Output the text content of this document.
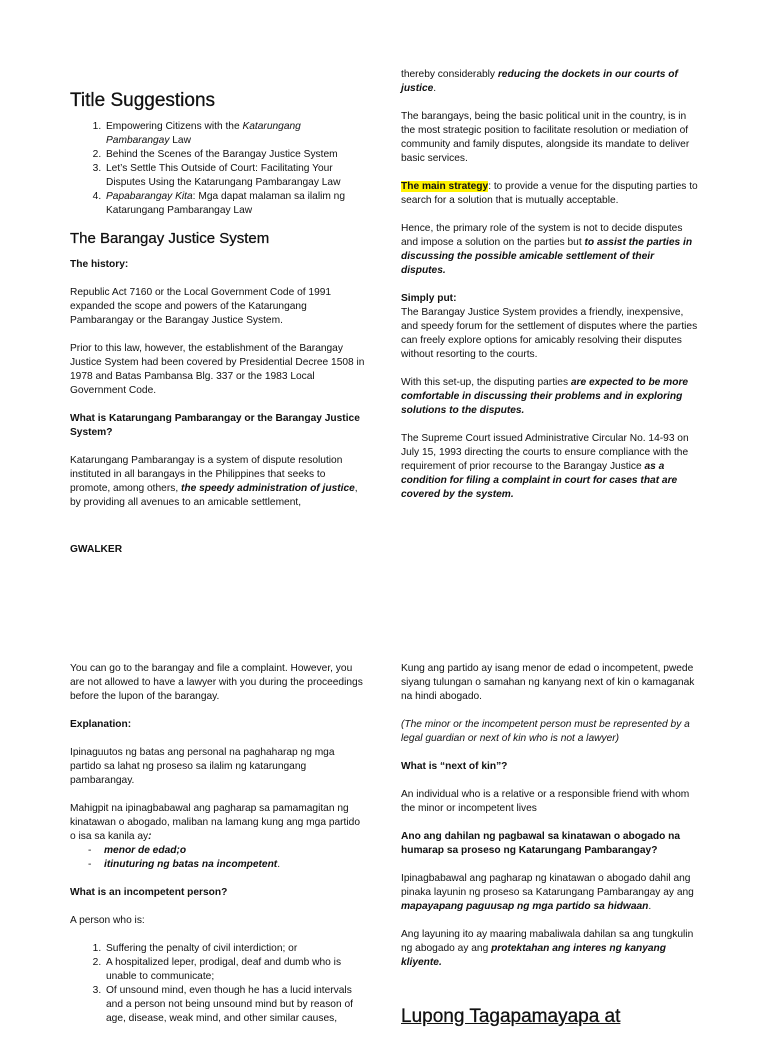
Title Suggestions
1. Empowering Citizens with the Katarungang Pambarangay Law
2. Behind the Scenes of the Barangay Justice System
3. Let’s Settle This Outside of Court: Facilitating Your Disputes Using the Katarungang Pambarangay Law
4. Papabarangay Kita: Mga dapat malaman sa ilalim ng Katarungang Pambarangay Law
The Barangay Justice System

The history:

Republic Act 7160 or the Local Government Code of 1991 expanded the scope and powers of the Katarungang Pambarangay or the Barangay Justice System.

Prior to this law, however, the establishment of the Barangay Justice System had been covered by Presidential Decree 1508 in 1978 and Batas Pambansa Blg. 337 or the 1983 Local Government Code.

What is Katarungang Pambarangay or the Barangay Justice System?

Katarungang Pambarangay is a system of dispute resolution instituted in all barangays in the Philippines that seeks to promote, among others, the speedy administration of justice, by providing all avenues to an amicable settlement,

GWALKER

thereby considerably reducing the dockets in our courts of justice.

The barangays, being the basic political unit in the country, is in the most strategic position to facilitate resolution or mediation of community and family disputes, alongside its mandate to deliver basic services.

The main strategy: to provide a venue for the disputing parties to search for a solution that is mutually acceptable.

Hence, the primary role of the system is not to decide disputes and impose a solution on the parties but to assist the parties in discussing the possible amicable settlement of their disputes.

Simply put:
The Barangay Justice System provides a friendly, inexpensive, and speedy forum for the settlement of disputes where the parties can freely explore options for amicably resolving their disputes without resorting to the courts.

With this set-up, the disputing parties are expected to be more comfortable in discussing their problems and in exploring solutions to the disputes.

The Supreme Court issued Administrative Circular No. 14-93 on July 15, 1993 directing the courts to ensure compliance with the requirement of prior recourse to the Barangay Justice as a condition for filing a complaint in court for cases that are covered by the system.

You can go to the barangay and file a complaint. However, you are not allowed to have a lawyer with you during the proceedings before the lupon of the barangay.

Explanation:

Ipinaguutos ng batas ang personal na paghaharap ng mga partido sa lahat ng proseso sa ilalim ng katarungang pambarangay.

Mahigpit na ipinagbabawal ang pagharap sa pamamagitan ng kinatawan o abogado, maliban na lamang kung ang mga partido o isa sa kanila ay:

- menor de edad;o
- itinuturing ng batas na incompetent.

What is an incompetent person?

A person who is:

1. Suffering the penalty of civil interdiction; or
2. A hospitalized leper, prodigal, deaf and dumb who is unable to communicate;
3. Of unsound mind, even though he has a lucid intervals and a person not being unsound mind but by reason of age, disease, weak mind, and other similar causes,

Kung ang partido ay isang menor de edad o incompetent, pwede siyang tulungan o samahan ng kanyang next of kin o kamaganak na hindi abogado.

(The minor or the incompetent person must be represented by a legal guardian or next of kin who is not a lawyer)

What is “next of kin”?

An individual who is a relative or a responsible friend with whom the minor or incompetent lives

Ano ang dahilan ng pagbawal sa kinatawan o abogado na humarap sa proseso ng Katarungang Pambarangay?

Ipinagbabawal ang pagharap ng kinatawan o abogado dahil ang pinaka layunin ng proseso sa Katarungang Pambarangay ay ang mapayapang paguusap ng mga partido sa hidwaan.

Ang layuning ito ay maaring mabaliwala dahilan sa ang tungkulin ng abogado ay ang protektahan ang interes ng kanyang kliyente.

Lupong Tagapamayapa at
